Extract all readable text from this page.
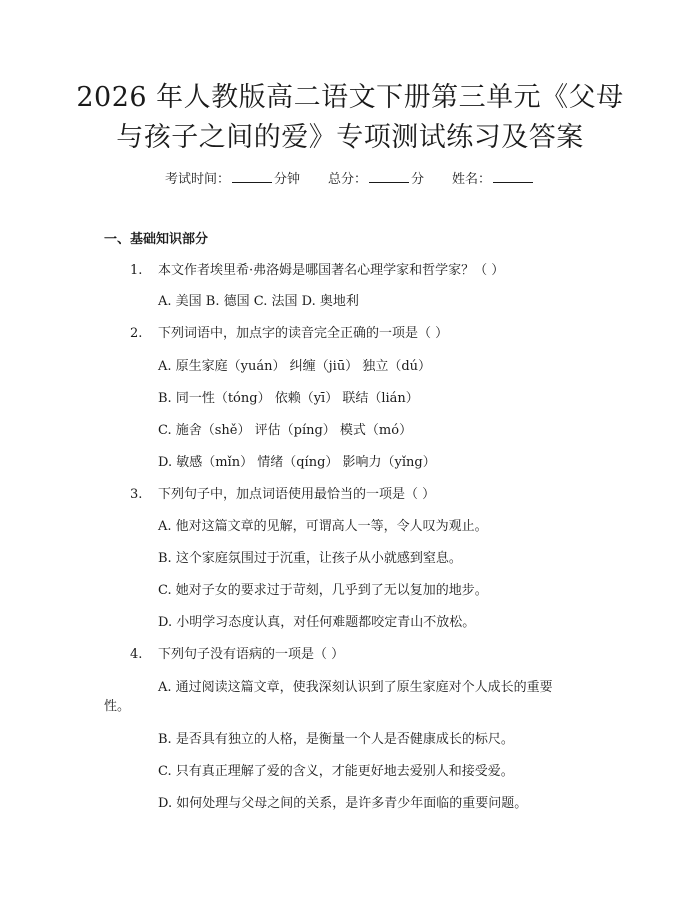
2026 年人教版高二语文下册第三单元《父母
与孩子之间的爱》专项测试练习及答案
考试时间：	分钟 总分：	分 姓名：
一、基础知识部分
1. 本文作者埃里希·弗洛姆是哪国著名心理学家和哲学家？（ ）
A. 美国 B. 德国 C. 法国 D. 奥地利
2. 下列词语中，加点字的读音完全正确的一项是（ ）
A. 原生家庭（yuán） 纠缠（jiū） 独立（dú）
B. 同一性（tóng） 依赖（yī） 联结（lián）
C. 施舍（shě） 评估（píng） 模式（mó）
D. 敏感（mǐn） 情绪（qíng） 影响力（yǐng）
3. 下列句子中，加点词语使用最恰当的一项是（ ）
A. 他对这篇文章的见解，可谓高人一等，令人叹为观止。
B. 这个家庭氛围过于沉重，让孩子从小就感到窒息。
C. 她对子女的要求过于苛刻，几乎到了无以复加的地步。
D. 小明学习态度认真，对任何难题都咬定青山不放松。
4. 下列句子没有语病的一项是（ ）
A. 通过阅读这篇文章，使我深刻认识到了原生家庭对个人成长的重要
性。
B. 是否具有独立的人格，是衡量一个人是否健康成长的标尺。
C. 只有真正理解了爱的含义，才能更好地去爱别人和接受爱。
D. 如何处理与父母之间的关系，是许多青少年面临的重要问题。
